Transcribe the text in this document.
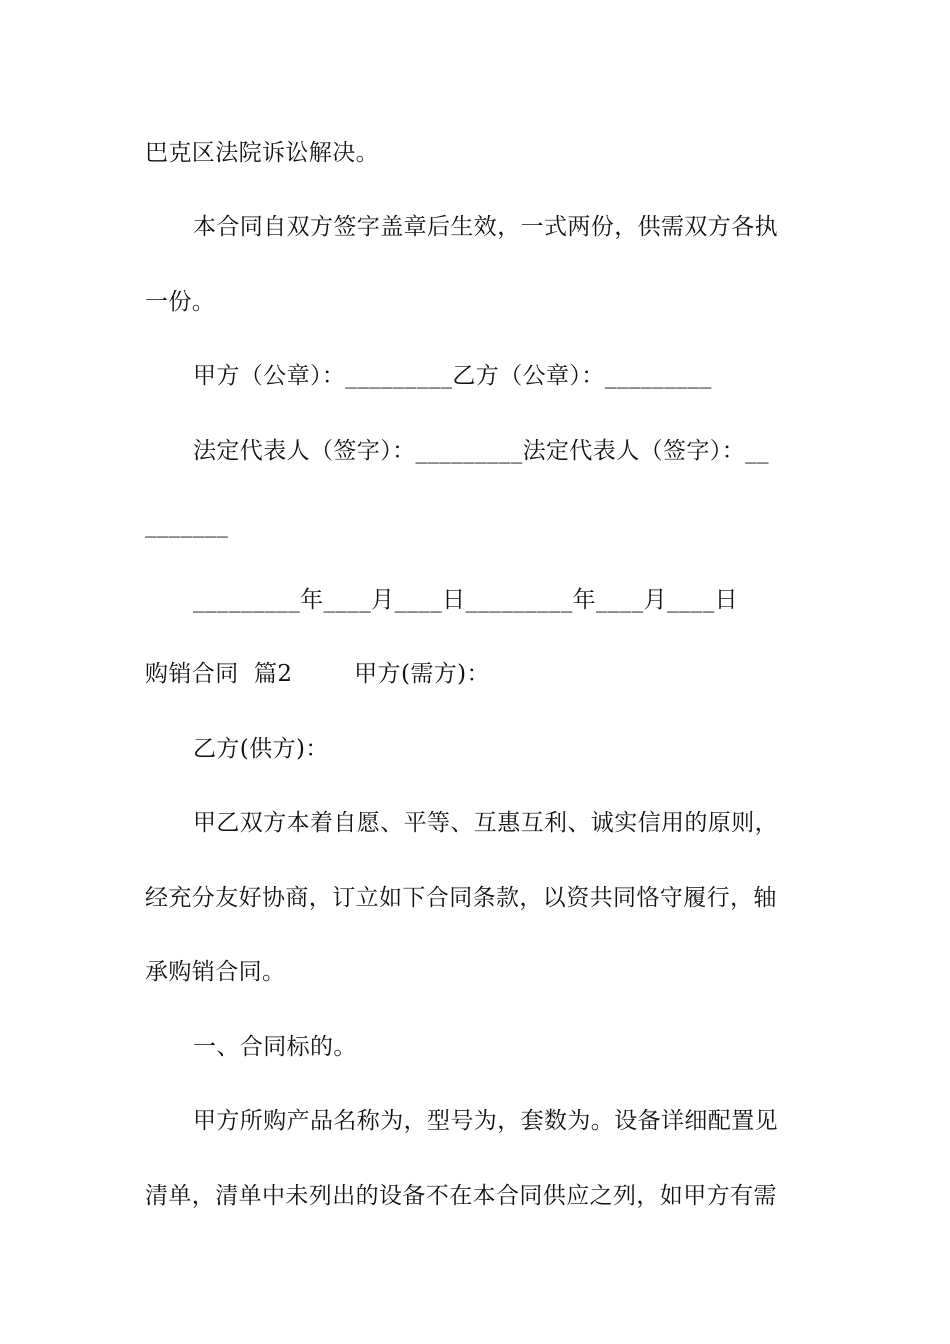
巴克区法院诉讼解决。
本合同自双方签字盖章后生效，一式两份，供需双方各执
一份。
甲方（公章）：_________乙方（公章）：_________
法定代表人（签字）：_________法定代表人（签字）：__
_______
_________年____月____日_________年____月____日
购销合同  篇2        甲方(需方)：
乙方(供方)：
甲乙双方本着自愿、平等、互惠互利、诚实信用的原则，
经充分友好协商，订立如下合同条款，以资共同恪守履行，轴
承购销合同。
一、合同标的。
甲方所购产品名称为，型号为，套数为。设备详细配置见
清单，清单中未列出的设备不在本合同供应之列，如甲方有需
